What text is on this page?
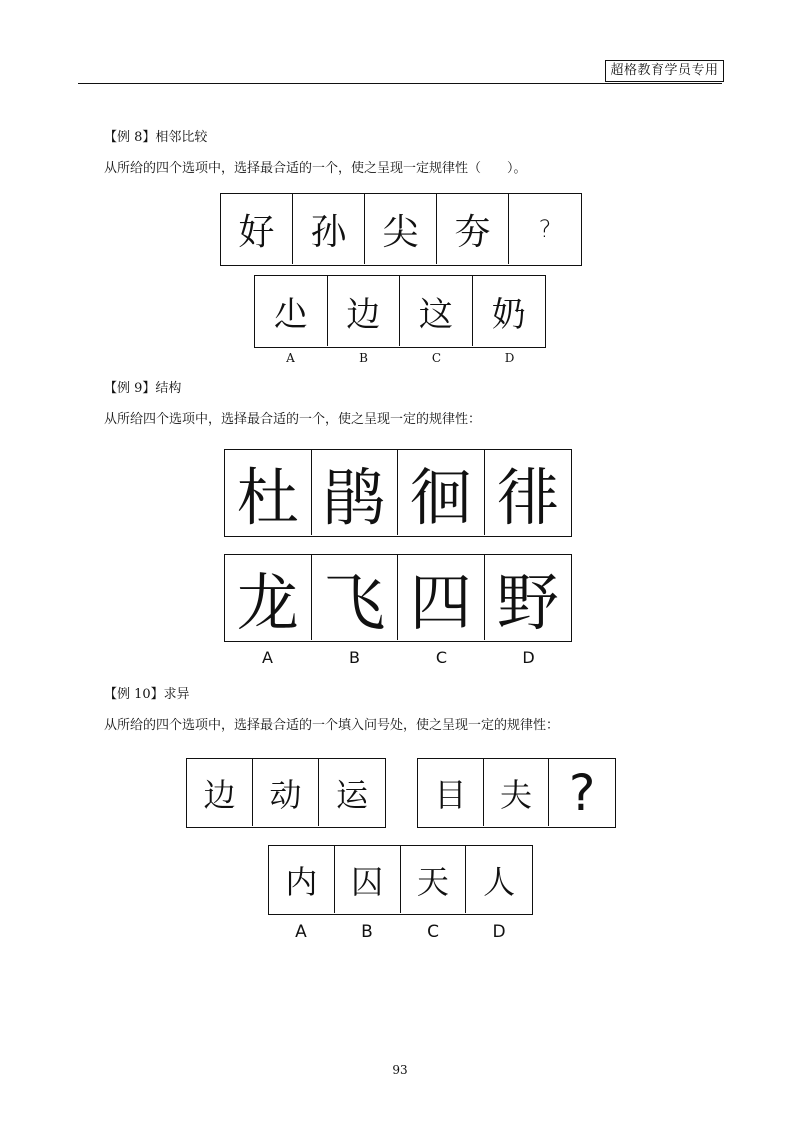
超格教育学员专用
【例 8】相邻比较
从所给的四个选项中，选择最合适的一个，使之呈现一定规律性（　　）。
好 孙 尖 夯	?
尐	边	这	奶
A	B	C	D
【例 9】结构
从所给四个选项中，选择最合适的一个，使之呈现一定的规律性：
杜 鹃 徊 徘
龙 飞 四 野
A	B	C	D
【例 10】求异
从所给的四个选项中，选择最合适的一个填入问号处，使之呈现一定的规律性：
边	动	运	目	夫 ?
内	囚	天	人
A	B	C	D
93
